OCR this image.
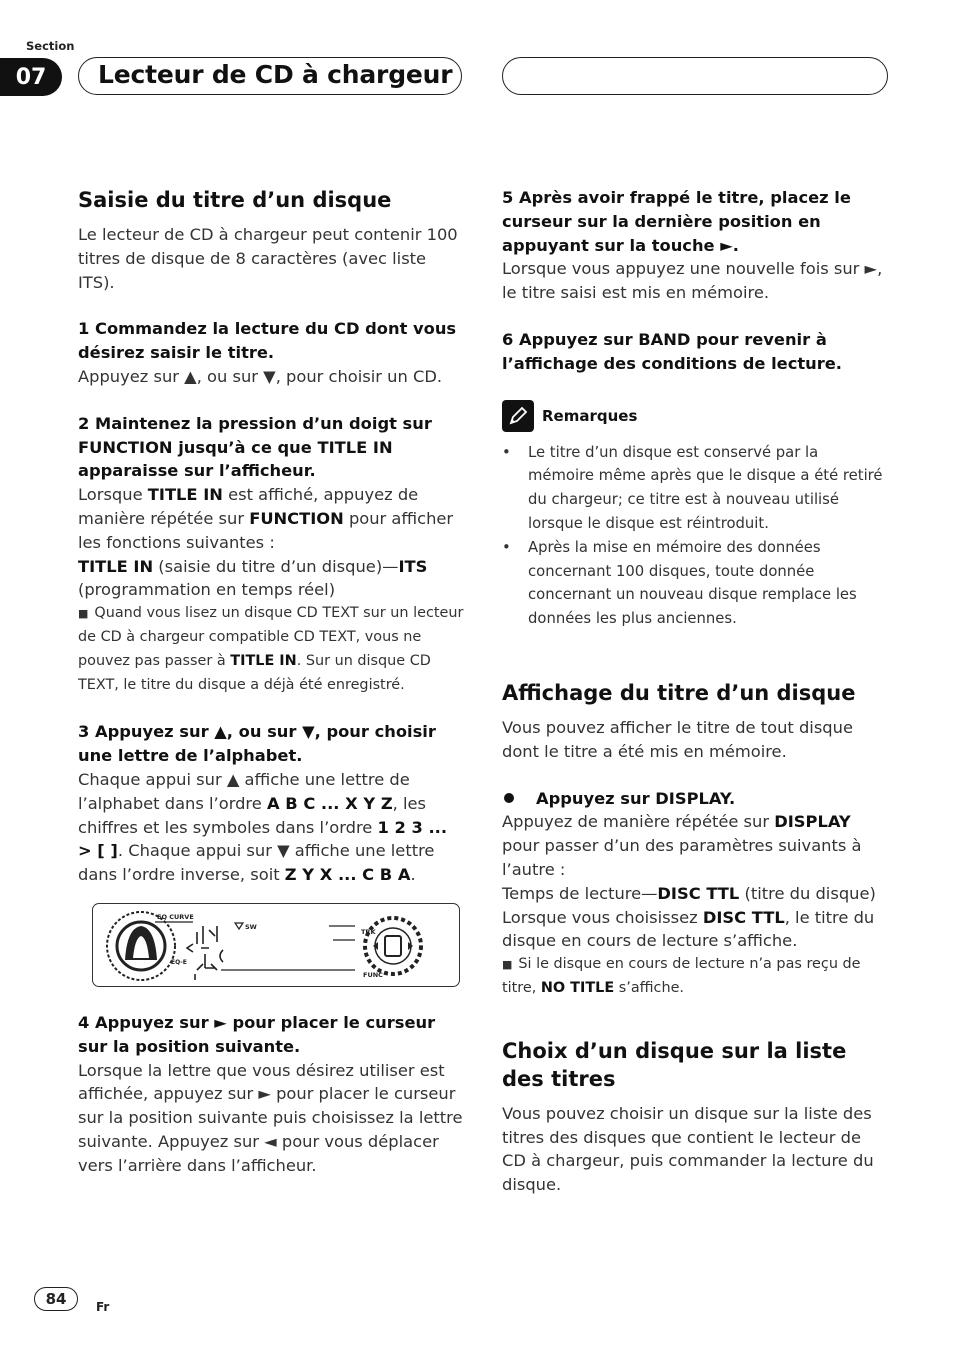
Section
07	Lecteur de CD à chargeur
Saisie du titre d’un disque

Le lecteur de CD à chargeur peut contenir 100 titres de disque de 8 caractères (avec liste ITS).

1 Commandez la lecture du CD dont vous désirez saisir le titre.

Appuyez sur ▲, ou sur ▼, pour choisir un CD.

2 Maintenez la pression d’un doigt sur FUNCTION jusqu’à ce que TITLE IN apparaisse sur l’afficheur.

Lorsque TITLE IN est affiché, appuyez de manière répétée sur FUNCTION pour afficher les fonctions suivantes :

TITLE IN (saisie du titre d’un disque)—ITS (programmation en temps réel)

■ Quand vous lisez un disque CD TEXT sur un lecteur de CD à chargeur compatible CD TEXT, vous ne pouvez pas passer à TITLE IN. Sur un disque CD TEXT, le titre du disque a déjà été enregistré.

3 Appuyez sur ▲, ou sur ▼, pour choisir une lettre de l’alphabet.

Chaque appui sur ▲ affiche une lettre de l’alphabet dans l’ordre A B C ... X Y Z, les chiffres et les symboles dans l’ordre 1 2 3 ... > [ ]. Chaque appui sur ▼ affiche une lettre dans l’ordre inverse, soit Z Y X ... C B A.

EQ CURVE
EQ-E
SW
TRK
FUNC

4 Appuyez sur ► pour placer le curseur sur la position suivante.

Lorsque la lettre que vous désirez utiliser est affichée, appuyez sur ► pour placer le curseur sur la position suivante puis choisissez la lettre suivante. Appuyez sur ◄ pour vous déplacer vers l’arrière dans l’afficheur.

5 Après avoir frappé le titre, placez le curseur sur la dernière position en appuyant sur la touche ►.

Lorsque vous appuyez une nouvelle fois sur ►, le titre saisi est mis en mémoire.

6 Appuyez sur BAND pour revenir à l’affichage des conditions de lecture.

Remarques
• Le titre d’un disque est conservé par la mémoire même après que le disque a été retiré du chargeur; ce titre est à nouveau utilisé lorsque le disque est réintroduit.
• Après la mise en mémoire des données concernant 100 disques, toute donnée concernant un nouveau disque remplace les données les plus anciennes.
Affichage du titre d’un disque

Vous pouvez afficher le titre de tout disque dont le titre a été mis en mémoire.

Appuyez sur DISPLAY.

Appuyez de manière répétée sur DISPLAY pour passer d’un des paramètres suivants à l’autre :

Temps de lecture—DISC TTL (titre du disque)

Lorsque vous choisissez DISC TTL, le titre du disque en cours de lecture s’affiche.

■ Si le disque en cours de lecture n’a pas reçu de titre, NO TITLE s’affiche.

Choix d’un disque sur la liste des titres

Vous pouvez choisir un disque sur la liste des titres des disques que contient le lecteur de CD à chargeur, puis commander la lecture du disque.

84	Fr
